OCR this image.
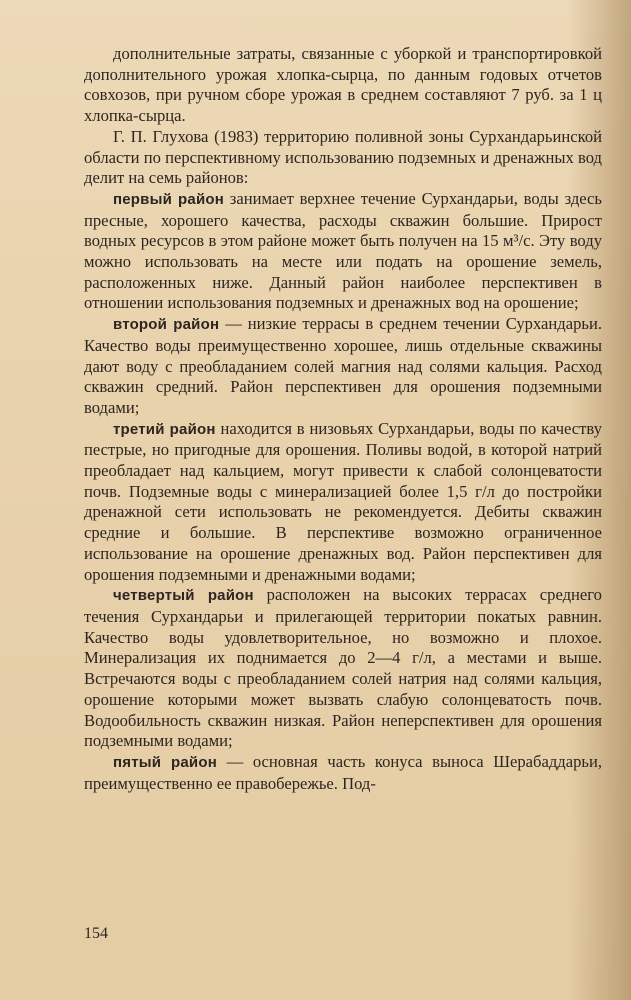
дополнительные затраты, связанные с уборкой и транспортировкой дополнительного урожая хлопка-сырца, по данным годовых отчетов совхозов, при ручном сборе урожая в среднем составляют 7 руб. за 1 ц хлопка-сырца.

Г. П. Глухова (1983) территорию поливной зоны Сурхандарьинской области по перспективному использованию подземных и дренажных вод делит на семь районов:

первый район занимает верхнее течение Сурхандарьи, воды здесь пресные, хорошего качества, расходы скважин большие. Прирост водных ресурсов в этом районе может быть получен на 15 м³/с. Эту воду можно использовать на месте или подать на орошение земель, расположенных ниже. Данный район наиболее перспективен в отношении использования подземных и дренажных вод на орошение;

второй район — низкие террасы в среднем течении Сурхандарьи. Качество воды преимущественно хорошее, лишь отдельные скважины дают воду с преобладанием солей магния над солями кальция. Расход скважин средний. Район перспективен для орошения подземными водами;

третий район находится в низовьях Сурхандарьи, воды по качеству пестрые, но пригодные для орошения. Поливы водой, в которой натрий преобладает над кальцием, могут привести к слабой солонцеватости почв. Подземные воды с минерализацией более 1,5 г/л до постройки дренажной сети использовать не рекомендуется. Дебиты скважин средние и большие. В перспективе возможно ограниченное использование на орошение дренажных вод. Район перспективен для орошения подземными и дренажными водами;

четвертый район расположен на высоких террасах среднего течения Сурхандарьи и прилегающей территории покатых равнин. Качество воды удовлетворительное, но возможно и плохое. Минерализация их поднимается до 2—4 г/л, а местами и выше. Встречаются воды с преобладанием солей натрия над солями кальция, орошение которыми может вызвать слабую солонцеватость почв. Водообильность скважин низкая. Район неперспективен для орошения подземными водами;

пятый район — основная часть конуса выноса Шерабаддарьи, преимущественно ее правобережье. Под-

154
